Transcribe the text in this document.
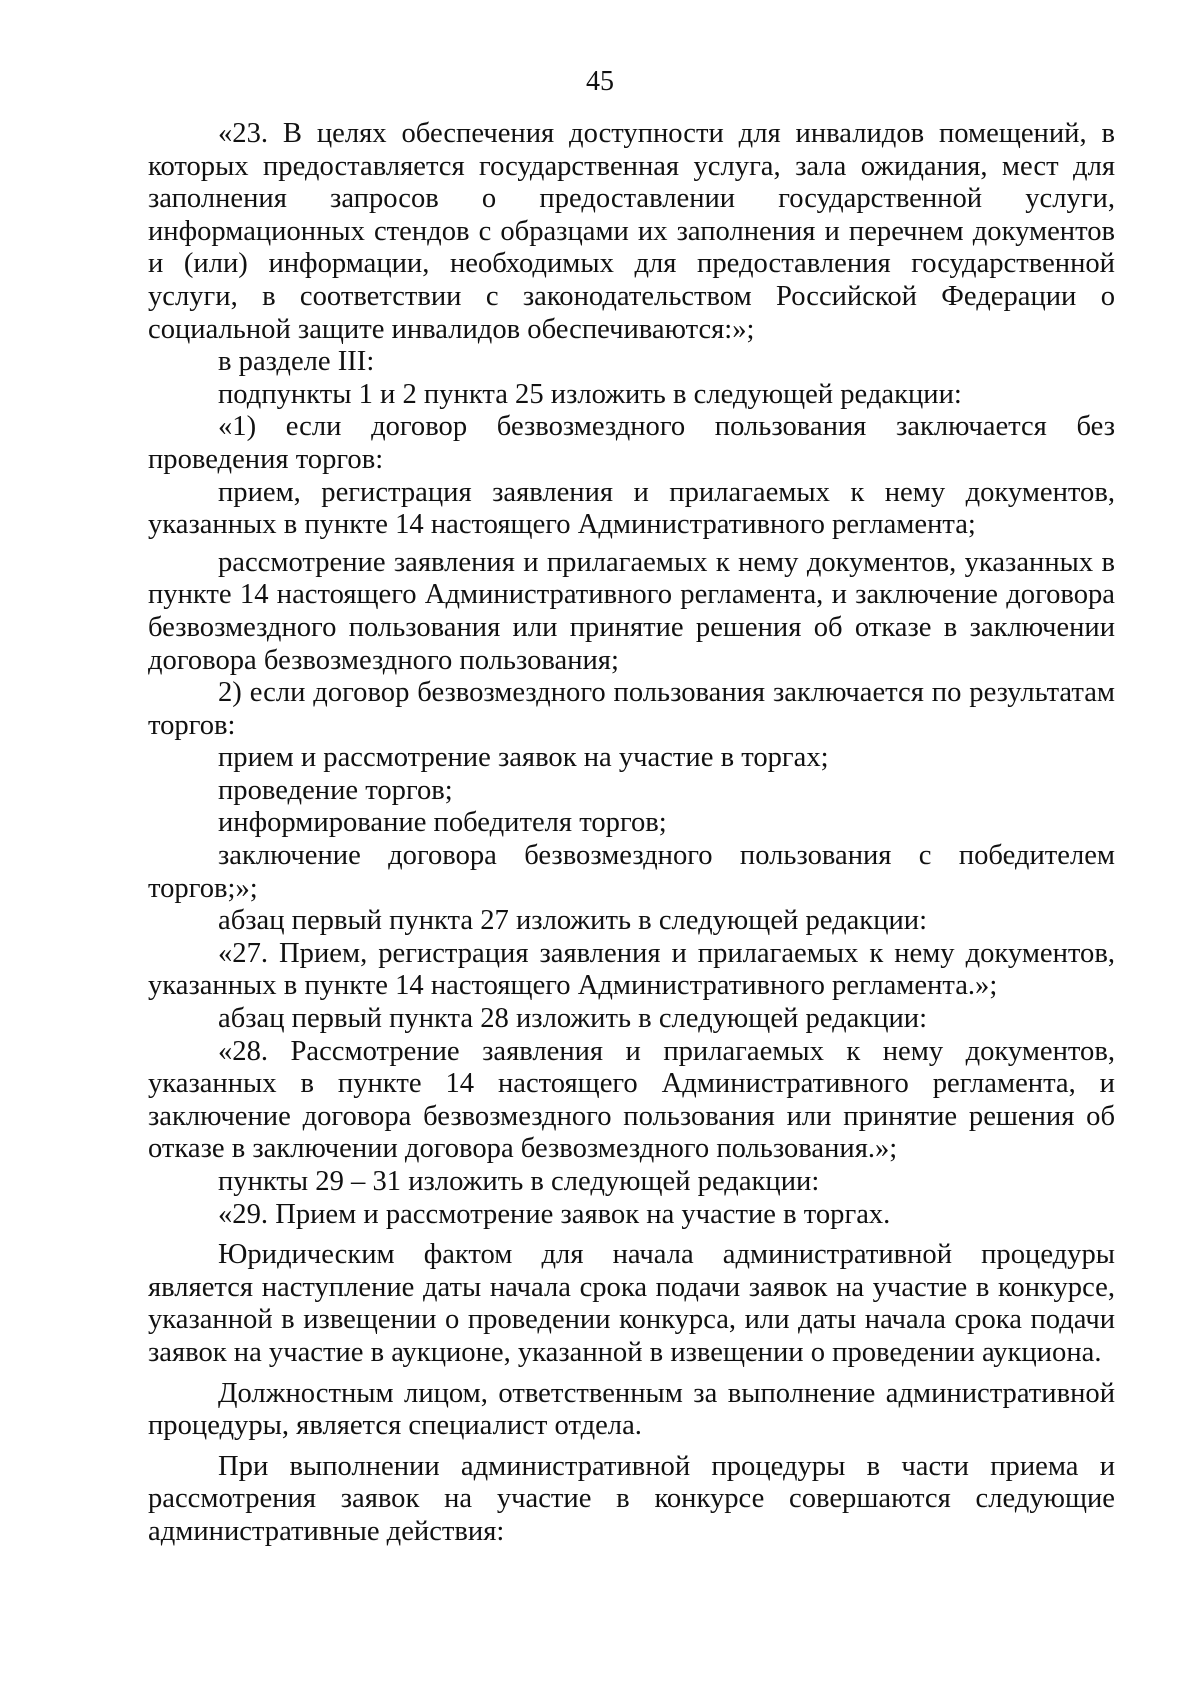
45

«23. В целях обеспечения доступности для инвалидов помещений, в которых предоставляется государственная услуга, зала ожидания, мест для заполнения запросов о предоставлении государственной услуги, информационных стендов с образцами их заполнения и перечнем документов и (или) информации, необходимых для предоставления государственной услуги, в соответствии с законодательством Российской Федерации о социальной защите инвалидов обеспечиваются:»;

в разделе III:

подпункты 1 и 2 пункта 25 изложить в следующей редакции:

«1) если договор безвозмездного пользования заключается без проведения торгов:

прием, регистрация заявления и прилагаемых к нему документов, указанных в пункте 14 настоящего Административного регламента;

рассмотрение заявления и прилагаемых к нему документов, указанных в пункте 14 настоящего Административного регламента, и заключение договора безвозмездного пользования или принятие решения об отказе в заключении договора безвозмездного пользования;

2) если договор безвозмездного пользования заключается по результатам торгов:

прием и рассмотрение заявок на участие в торгах;

проведение торгов;

информирование победителя торгов;

заключение договора безвозмездного пользования с победителем торгов;»;

абзац первый пункта 27 изложить в следующей редакции:

«27. Прием, регистрация заявления и прилагаемых к нему документов, указанных в пункте 14 настоящего Административного регламента.»;

абзац первый пункта 28 изложить в следующей редакции:

«28. Рассмотрение заявления и прилагаемых к нему документов, указанных в пункте 14 настоящего Административного регламента, и заключение договора безвозмездного пользования или принятие решения об отказе в заключении договора безвозмездного пользования.»;

пункты 29 – 31 изложить в следующей редакции:

«29. Прием и рассмотрение заявок на участие в торгах.

Юридическим фактом для начала административной процедуры является наступление даты начала срока подачи заявок на участие в конкурсе, указанной в извещении о проведении конкурса, или даты начала срока подачи заявок на участие в аукционе, указанной в извещении о проведении аукциона.

Должностным лицом, ответственным за выполнение административной процедуры, является специалист отдела.

При выполнении административной процедуры в части приема и рассмотрения заявок на участие в конкурсе совершаются следующие административные действия:
